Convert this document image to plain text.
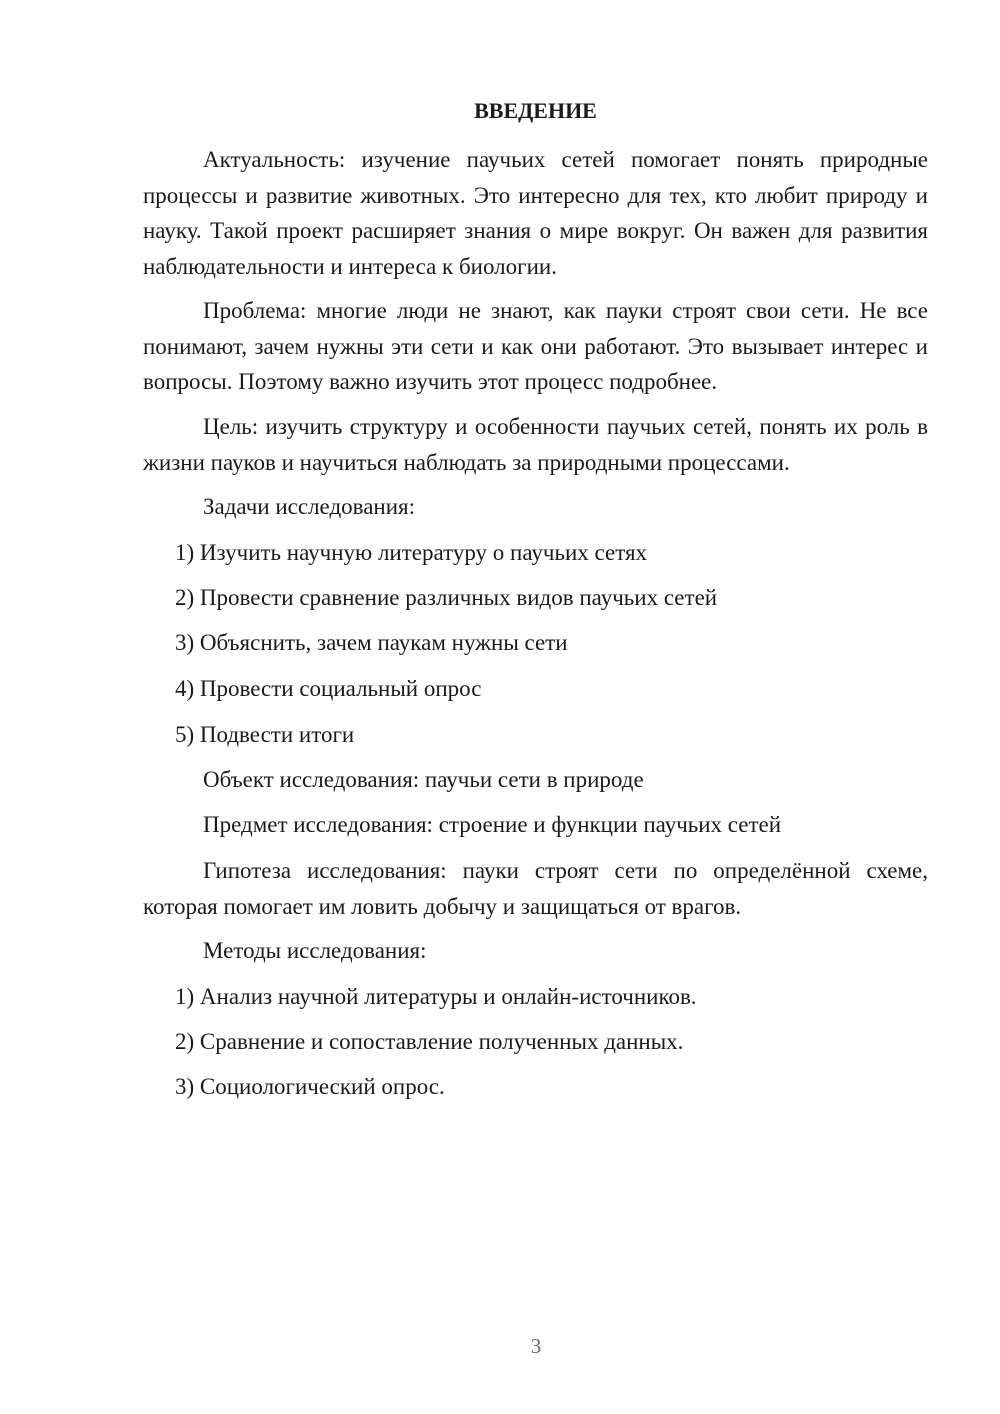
ВВЕДЕНИЕ

Актуальность: изучение паучьих сетей помогает понять природные процессы и развитие животных. Это интересно для тех, кто любит природу и науку. Такой проект расширяет знания о мире вокруг. Он важен для развития наблюдательности и интереса к биологии.

Проблема: многие люди не знают, как пауки строят свои сети. Не все понимают, зачем нужны эти сети и как они работают. Это вызывает интерес и вопросы. Поэтому важно изучить этот процесс подробнее.

Цель: изучить структуру и особенности паучьих сетей, понять их роль в жизни пауков и научиться наблюдать за природными процессами.

Задачи исследования:

1) Изучить научную литературу о паучьих сетях

2) Провести сравнение различных видов паучьих сетей

3) Объяснить, зачем паукам нужны сети

4) Провести социальный опрос

5) Подвести итоги

Объект исследования: паучьи сети в природе

Предмет исследования: строение и функции паучьих сетей

Гипотеза исследования: пауки строят сети по определённой схеме, которая помогает им ловить добычу и защищаться от врагов.

Методы исследования:

1) Анализ научной литературы и онлайн-источников.

2) Сравнение и сопоставление полученных данных.

3) Социологический опрос.

3
